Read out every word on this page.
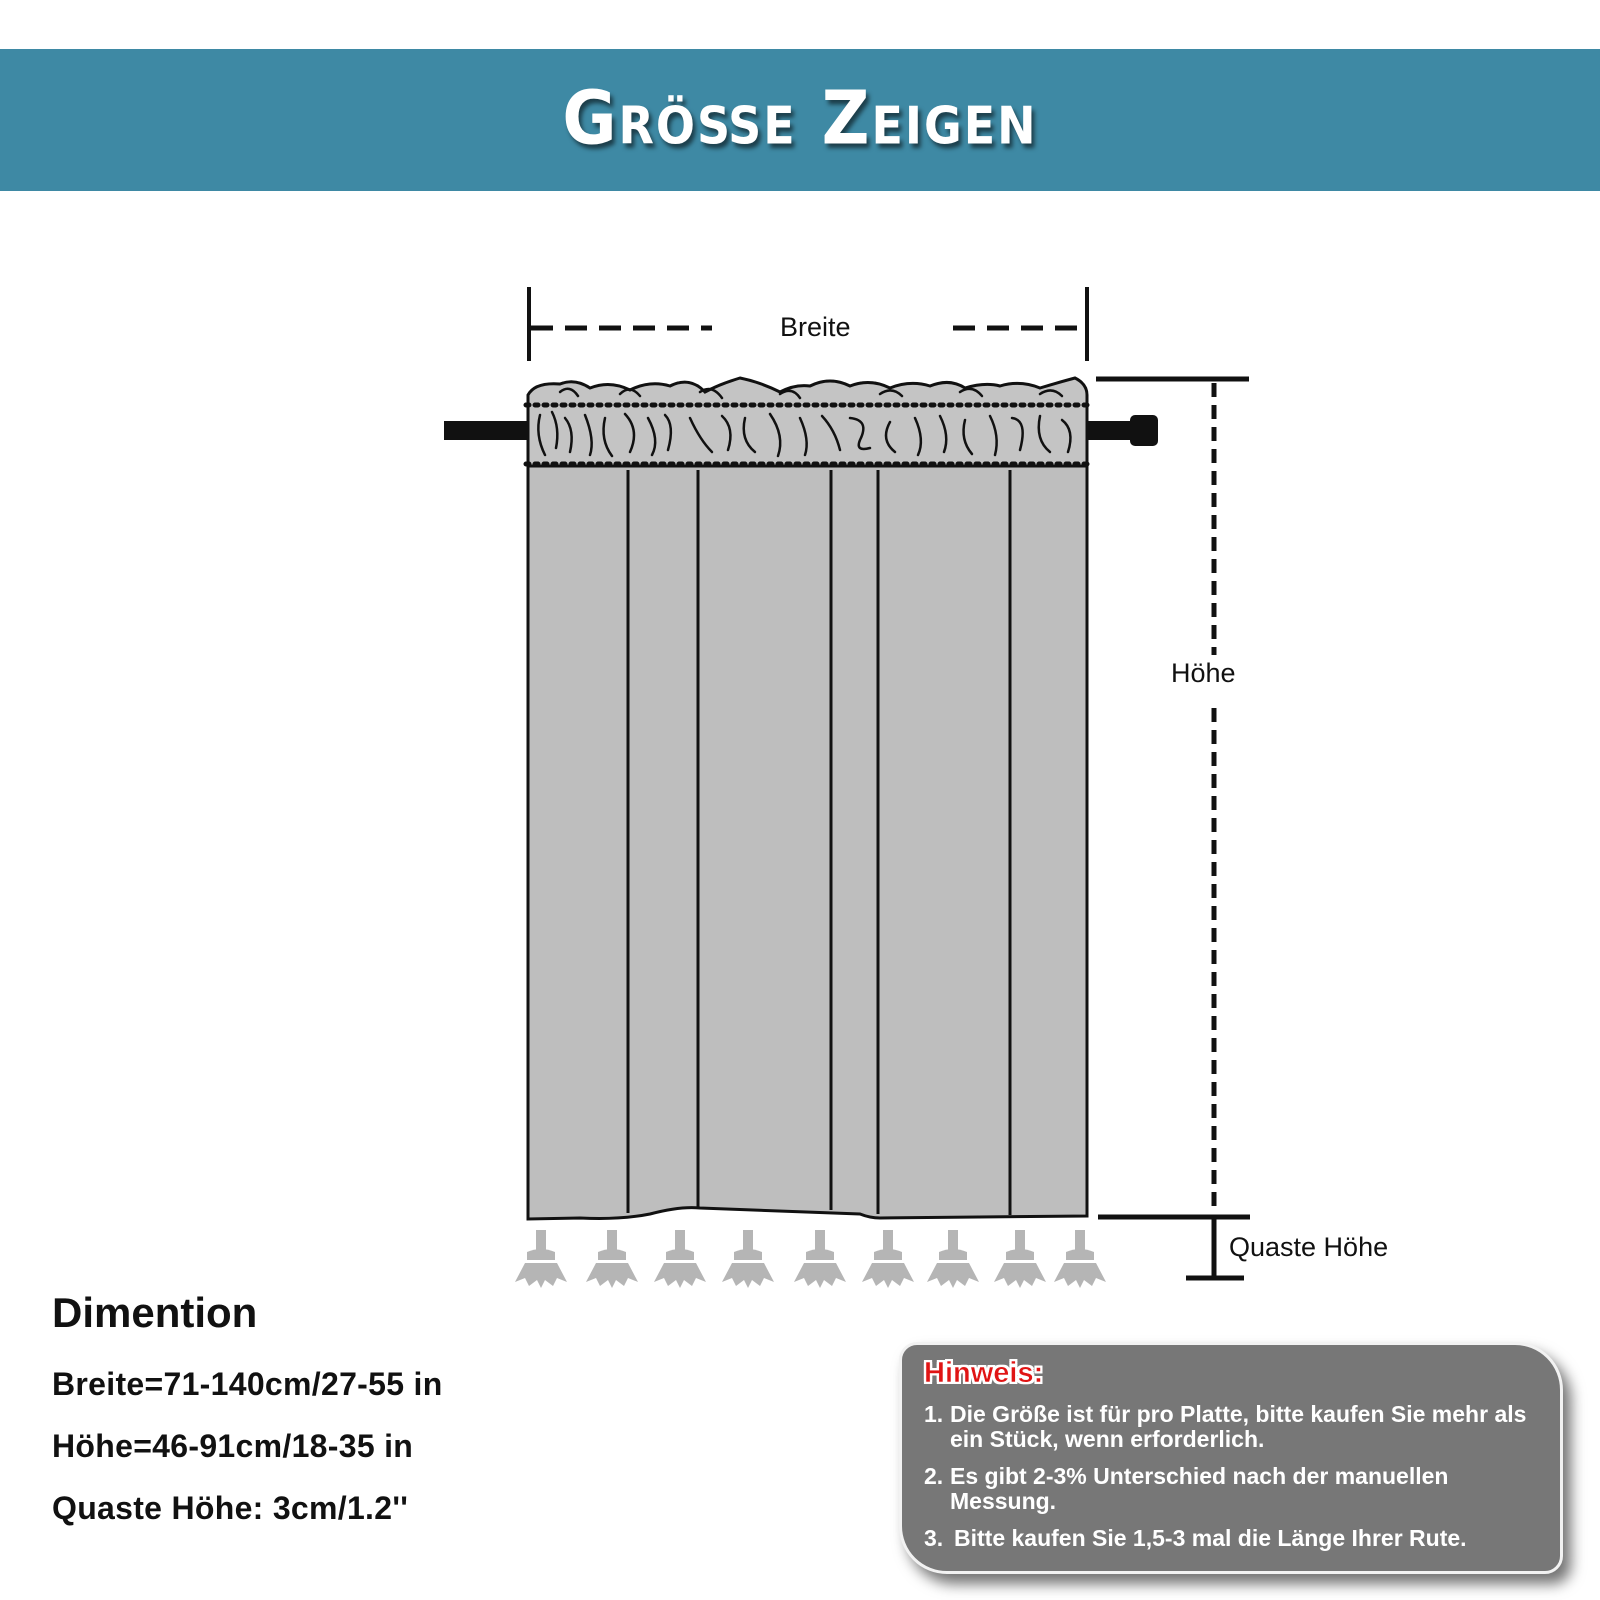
Größe Zeigen
Breite
Höhe
Quaste Höhe
Dimention
Breite=71-140cm/27-55 in
Höhe=46-91cm/18-35 in
Quaste Höhe: 3cm/1.2''
Hinweis:
1. Die Größe ist für pro Platte, bitte kaufen Sie mehr als ein Stück, wenn erforderlich.
2. Es gibt 2-3% Unterschied nach der manuellen Messung.
3. Bitte kaufen Sie 1,5-3 mal die Länge Ihrer Rute.
